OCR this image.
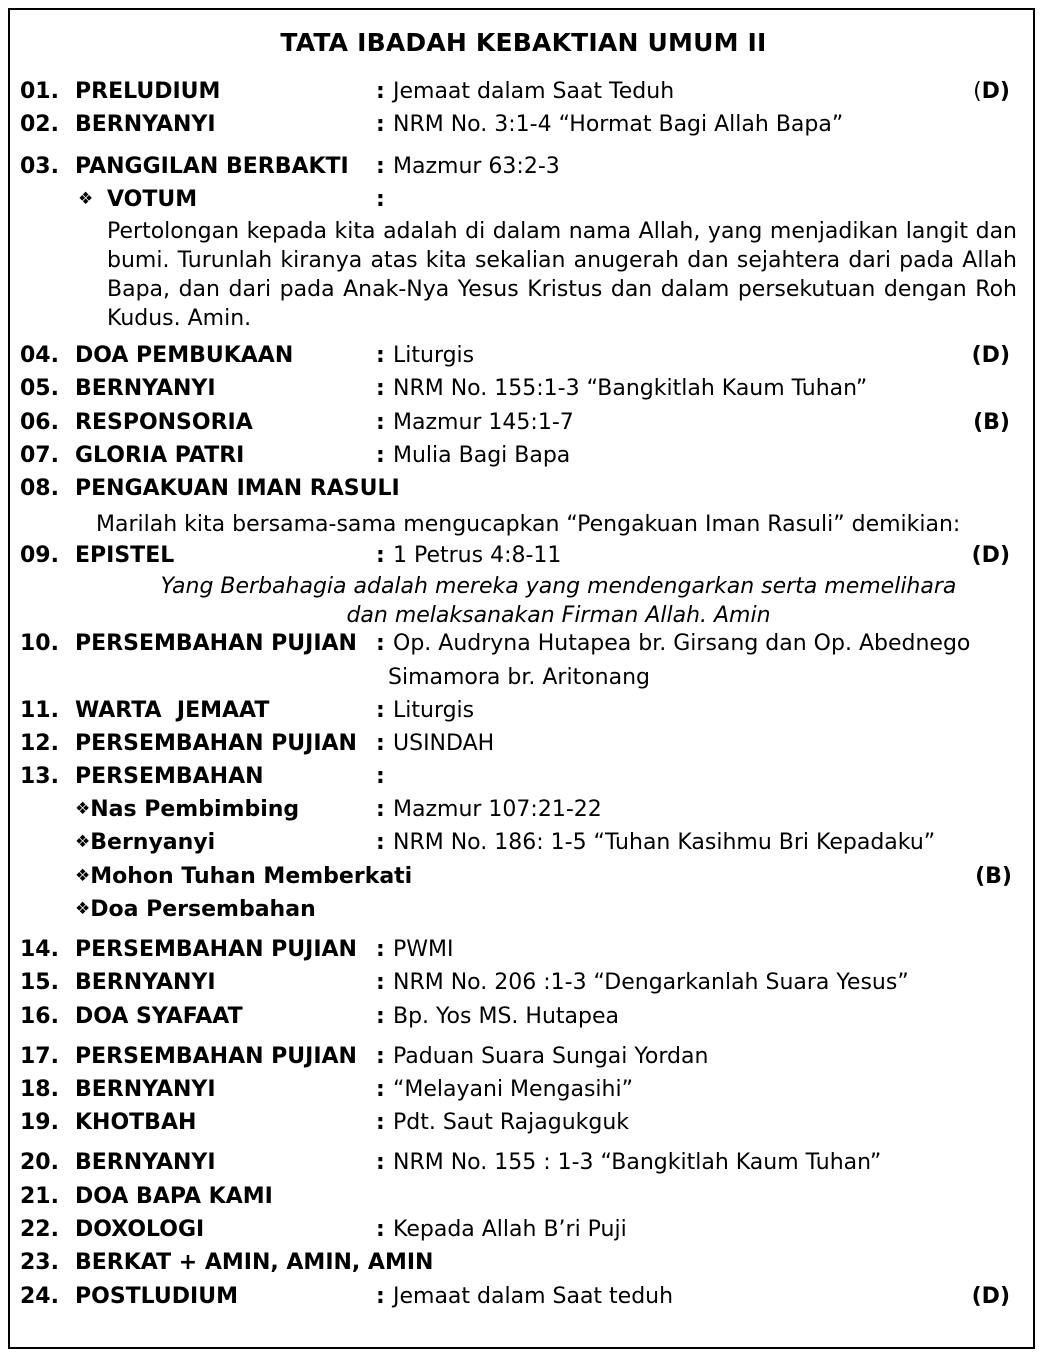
TATA IBADAH KEBAKTIAN UMUM II
01. PRELUDIUM	: Jemaat dalam Saat Teduh	(D)
02. BERNYANYI	: NRM No. 3:1-4 “Hormat Bagi Allah Bapa”
03. PANGGILAN BERBAKTI : Mazmur 63:2-3
❖ VOTUM	:
Pertolongan kepada kita adalah di dalam nama Allah, yang menjadikan langit dan bumi. Turunlah kiranya atas kita sekalian anugerah dan sejahtera dari pada Allah Bapa, dan dari pada Anak-Nya Yesus Kristus dan dalam persekutuan dengan Roh Kudus. Amin.
04. DOA PEMBUKAAN	: Liturgis	(D)
05. BERNYANYI	: NRM No. 155:1-3 “Bangkitlah Kaum Tuhan”
06. RESPONSORIA	: Mazmur 145:1-7	(B)
07. GLORIA PATRI	: Mulia Bagi Bapa
08. PENGAKUAN IMAN RASULI
Marilah kita bersama-sama mengucapkan “Pengakuan Iman Rasuli” demikian:
09. EPISTEL	: 1 Petrus 4:8-11	(D)
Yang Berbahagia adalah mereka yang mendengarkan serta memelihara
dan melaksanakan Firman Allah. Amin
10. PERSEMBAHAN PUJIAN : Op. Audryna Hutapea br. Girsang dan Op. Abednego
Simamora br. Aritonang
11. WARTA  JEMAAT	: Liturgis
12. PERSEMBAHAN PUJIAN : USINDAH
13. PERSEMBAHAN	:
❖Nas Pembimbing	: Mazmur 107:21-22
❖Bernyanyi	: NRM No. 186: 1-5 “Tuhan Kasihmu Bri Kepadaku”
❖Mohon Tuhan Memberkati	(B)
❖Doa Persembahan
14. PERSEMBAHAN PUJIAN : PWMI
15. BERNYANYI	: NRM No. 206 :1-3 “Dengarkanlah Suara Yesus”
16. DOA SYAFAAT	: Bp. Yos MS. Hutapea
17. PERSEMBAHAN PUJIAN : Paduan Suara Sungai Yordan
18. BERNYANYI	: “Melayani Mengasihi”
19. KHOTBAH	: Pdt. Saut Rajagukguk
20. BERNYANYI	: NRM No. 155 : 1-3 “Bangkitlah Kaum Tuhan”
21. DOA BAPA KAMI
22. DOXOLOGI	: Kepada Allah B’ri Puji
23. BERKAT + AMIN, AMIN, AMIN
24. POSTLUDIUM	: Jemaat dalam Saat teduh	(D)
